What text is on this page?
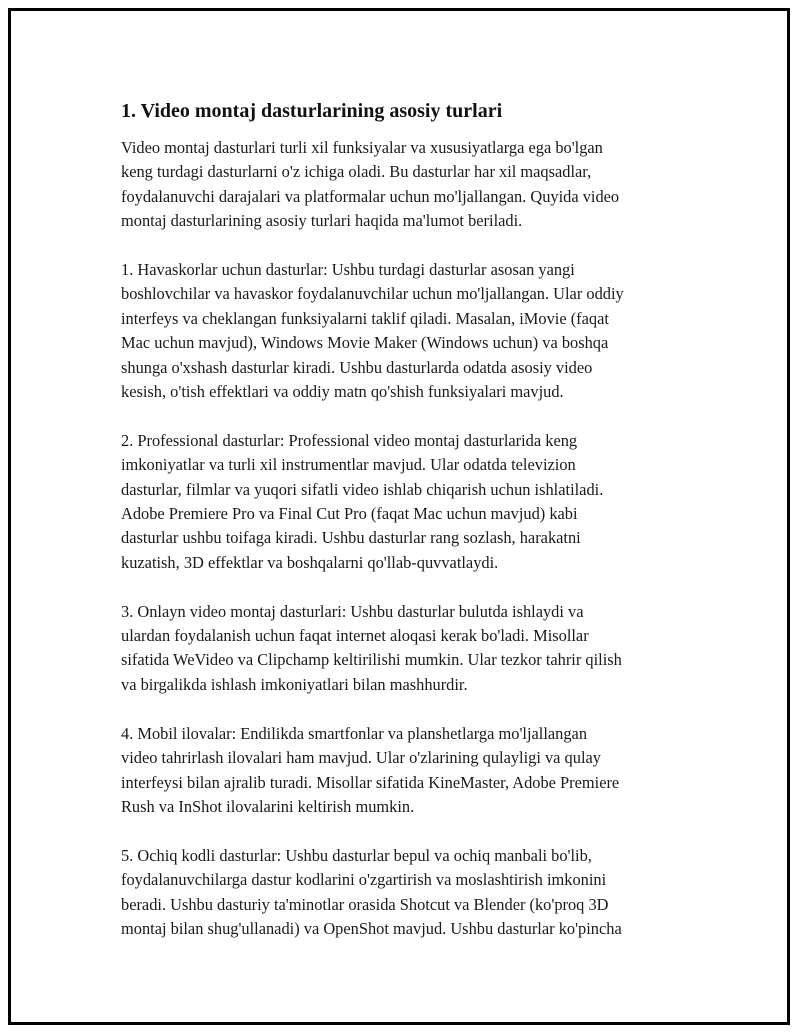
1. Video montaj dasturlarining asosiy turlari

Video montaj dasturlari turli xil funksiyalar va xususiyatlarga ega bo'lgan
keng turdagi dasturlarni o'z ichiga oladi. Bu dasturlar har xil maqsadlar,
foydalanuvchi darajalari va platformalar uchun mo'ljallangan. Quyida video
montaj dasturlarining asosiy turlari haqida ma'lumot beriladi.

1. Havaskorlar uchun dasturlar: Ushbu turdagi dasturlar asosan yangi
boshlovchilar va havaskor foydalanuvchilar uchun mo'ljallangan. Ular oddiy
interfeys va cheklangan funksiyalarni taklif qiladi. Masalan, iMovie (faqat
Mac uchun mavjud), Windows Movie Maker (Windows uchun) va boshqa
shunga o'xshash dasturlar kiradi. Ushbu dasturlarda odatda asosiy video
kesish, o'tish effektlari va oddiy matn qo'shish funksiyalari mavjud.

2. Professional dasturlar: Professional video montaj dasturlarida keng
imkoniyatlar va turli xil instrumentlar mavjud. Ular odatda televizion
dasturlar, filmlar va yuqori sifatli video ishlab chiqarish uchun ishlatiladi.
Adobe Premiere Pro va Final Cut Pro (faqat Mac uchun mavjud) kabi
dasturlar ushbu toifaga kiradi. Ushbu dasturlar rang sozlash, harakatni
kuzatish, 3D effektlar va boshqalarni qo'llab-quvvatlaydi.

3. Onlayn video montaj dasturlari: Ushbu dasturlar bulutda ishlaydi va
ulardan foydalanish uchun faqat internet aloqasi kerak bo'ladi. Misollar
sifatida WeVideo va Clipchamp keltirilishi mumkin. Ular tezkor tahrir qilish
va birgalikda ishlash imkoniyatlari bilan mashhurdir.

4. Mobil ilovalar: Endilikda smartfonlar va planshetlarga mo'ljallangan
video tahrirlash ilovalari ham mavjud. Ular o'zlarining qulayligi va qulay
interfeysi bilan ajralib turadi. Misollar sifatida KineMaster, Adobe Premiere
Rush va InShot ilovalarini keltirish mumkin.

5. Ochiq kodli dasturlar: Ushbu dasturlar bepul va ochiq manbali bo'lib,
foydalanuvchilarga dastur kodlarini o'zgartirish va moslashtirish imkonini
beradi. Ushbu dasturiy ta'minotlar orasida Shotcut va Blender (ko'proq 3D
montaj bilan shug'ullanadi) va OpenShot mavjud. Ushbu dasturlar ko'pincha
